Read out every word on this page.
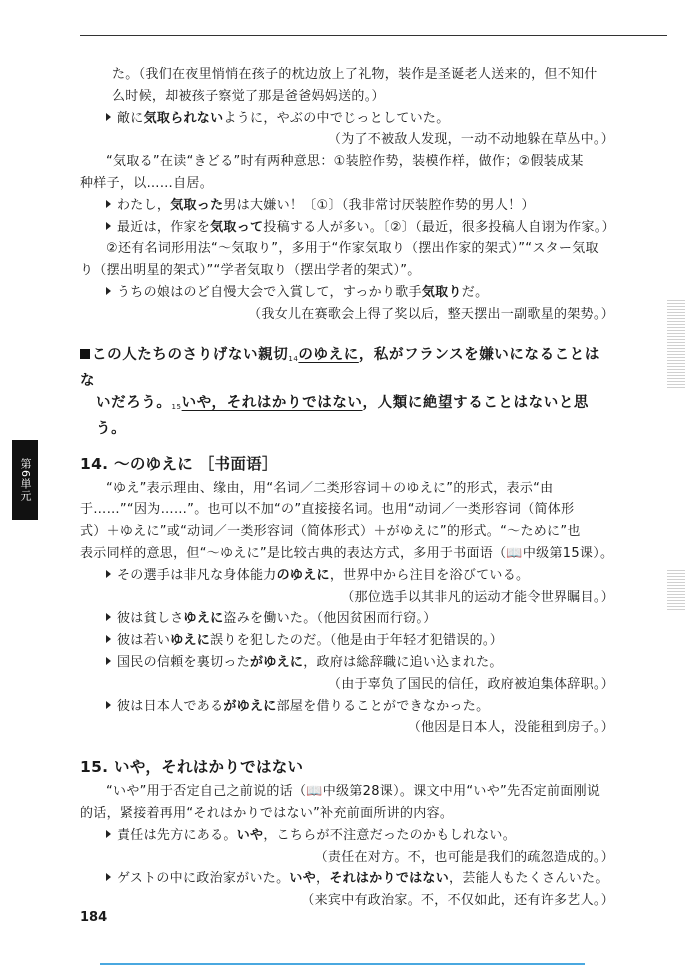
第6単元
た。（我们在夜里悄悄在孩子的枕边放上了礼物，装作是圣诞老人送来的，但不知什
么时候，却被孩子察觉了那是爸爸妈妈送的。）
敵に気取られないように，やぶの中でじっとしていた。
（为了不被敌人发现，一动不动地躲在草丛中。）
“気取る”在读“きどる”时有两种意思：①装腔作势，装模作样，做作；②假装成某
种样子，以……自居。
わたし，気取った男は大嫌い！〔①〕（我非常讨厌装腔作势的男人！）
最近は，作家を気取って投稿する人が多い。〔②〕（最近，很多投稿人自诩为作家。）
②还有名词形用法“～気取り”，多用于“作家気取り（摆出作家的架式）”“スター気取
り（摆出明星的架式）”“学者気取り（摆出学者的架式）”。
うちの娘はのど自慢大会で入賞して，すっかり歌手気取りだ。
（我女儿在赛歌会上得了奖以后，整天摆出一副歌星的架势。）
この人たちのさりげない親切$_{14}$のゆえに，私がフランスを嫌いになることはな
いだろう。$_{15}$いや，それはかりではない，人類に絶望することはないと思う。
14. ～のゆえに ［书面语］
“ゆえ”表示理由、缘由，用“名词／二类形容词＋のゆえに”的形式，表示“由
于……”“因为……”。也可以不加“の”直接接名词。也用“动词／一类形容词（简体形
式）＋ゆえに”或“动词／一类形容词（简体形式）＋がゆえに”的形式。“～ために”也
表示同样的意思，但“～ゆえに”是比较古典的表达方式，多用于书面语（📖中级第15课）。
その選手は非凡な身体能力のゆえに，世界中から注目を浴びている。
（那位选手以其非凡的运动才能令世界瞩目。）
彼は貧しさゆえに盗みを働いた。（他因贫困而行窃。）
彼は若いゆえに誤りを犯したのだ。（他是由于年轻才犯错误的。）
国民の信頼を裏切ったがゆえに，政府は総辞職に追い込まれた。
（由于辜负了国民的信任，政府被迫集体辞职。）
彼は日本人であるがゆえに部屋を借りることができなかった。
（他因是日本人，没能租到房子。）
15. いや，それはかりではない
“いや”用于否定自己之前说的话（📖中级第28课）。课文中用“いや”先否定前面刚说
的话，紧接着再用“それはかりではない”补充前面所讲的内容。
責任は先方にある。いや，こちらが不注意だったのかもしれない。
（责任在对方。不，也可能是我们的疏忽造成的。）
ゲストの中に政治家がいた。いや，それはかりではない，芸能人もたくさんいた。
（来宾中有政治家。不，不仅如此，还有许多艺人。）
184
